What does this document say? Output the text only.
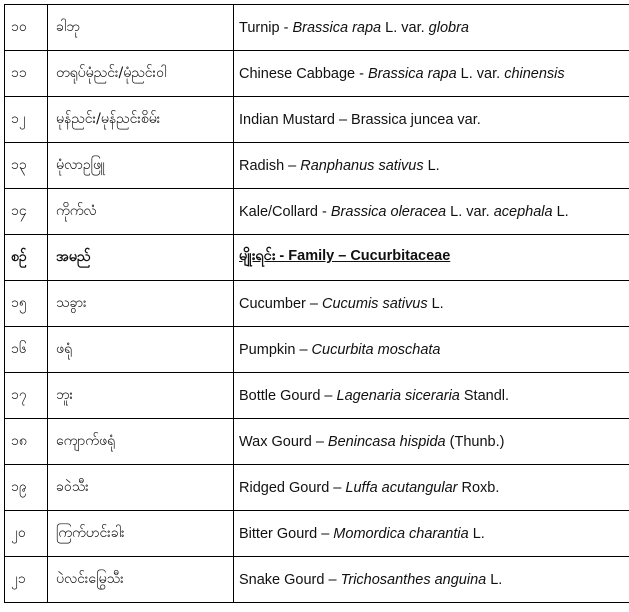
၁၀	ခါဘု	Turnip - Brassica rapa L. var. globra
၁၁	တရုပ်မုံညင်း/မုံညင်းဝါ	Chinese Cabbage - Brassica rapa L. var. chinensis
၁၂	မုန်ညင်း/မုန်ညင်းစိမ်း	Indian Mustard – Brassica juncea var.
၁၃	မုံလာဥဖြူ	Radish – Ranphanus sativus L.
၁၄	ကိုက်လံ	Kale/Collard - Brassica oleracea L. var. acephala L.
စဉ်	အမည်	မျိုးရင်း - Family – Cucurbitaceae
၁၅	သခွား	Cucumber – Cucumis sativus L.
၁၆	ဖရုံ	Pumpkin – Cucurbita moschata
၁၇	ဘူး	Bottle Gourd – Lagenaria siceraria Standl.
၁၈	ကျောက်ဖရုံ	Wax Gourd – Benincasa hispida (Thunb.)
၁၉	ခဝဲသီး	Ridged Gourd – Luffa acutangular Roxb.
၂၀	ကြက်ဟင်းခါး	Bitter Gourd – Momordica charantia L.
၂၁	ပဲလင်းမြွေသီး	Snake Gourd – Trichosanthes anguina L.
